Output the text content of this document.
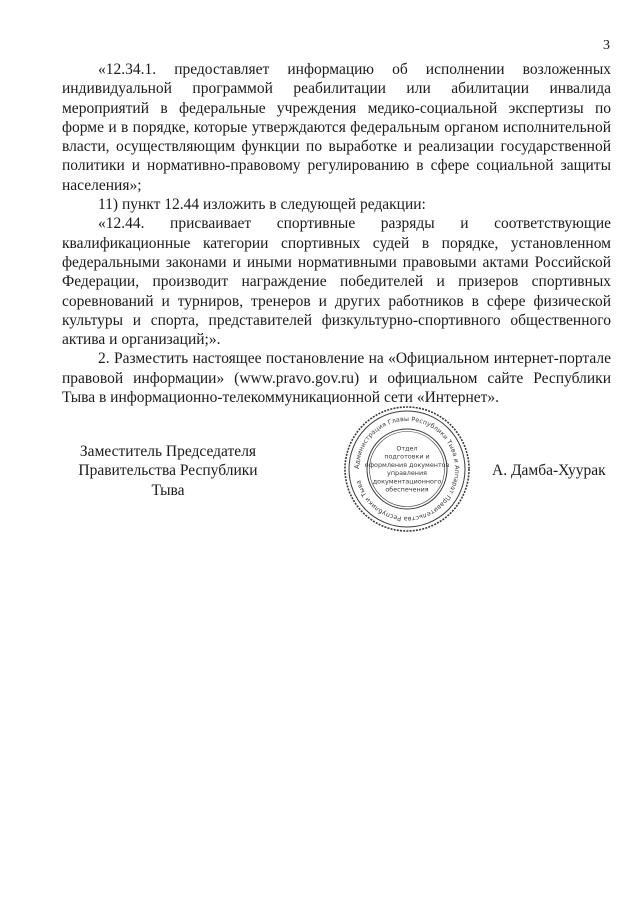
3

«12.34.1. предоставляет информацию об исполнении возложенных индивидуальной программой реабилитации или абилитации инвалида мероприятий в федеральные учреждения медико-социальной экспертизы по форме и в порядке, которые утверждаются федеральным органом исполнительной власти, осуществляющим функции по выработке и реализации государственной политики и нормативно-правовому регулированию в сфере социальной защиты населения»;

11) пункт 12.44 изложить в следующей редакции:

«12.44. присваивает спортивные разряды и соответствующие квалификационные категории спортивных судей в порядке, установленном федеральными законами и иными нормативными правовыми актами Российской Федерации, производит награждение победителей и призеров спортивных соревнований и турниров, тренеров и других работников в сфере физической культуры и спорта, представителей физкультурно-спортивного общественного актива и организаций;».

2. Разместить настоящее постановление на «Официальном интернет-портале правовой информации» (www.pravo.gov.ru) и официальном сайте Республики Тыва в информационно-телекоммуникационной сети «Интернет».

Заместитель Председателя
Правительства Республики Тыва
Администрация Главы Республики Тыва и Аппарат Правительства Республики Тыва
Отдел
подготовки и
оформления документов
управления
документационного
обеспечения
А. Дамба-Хуурак
